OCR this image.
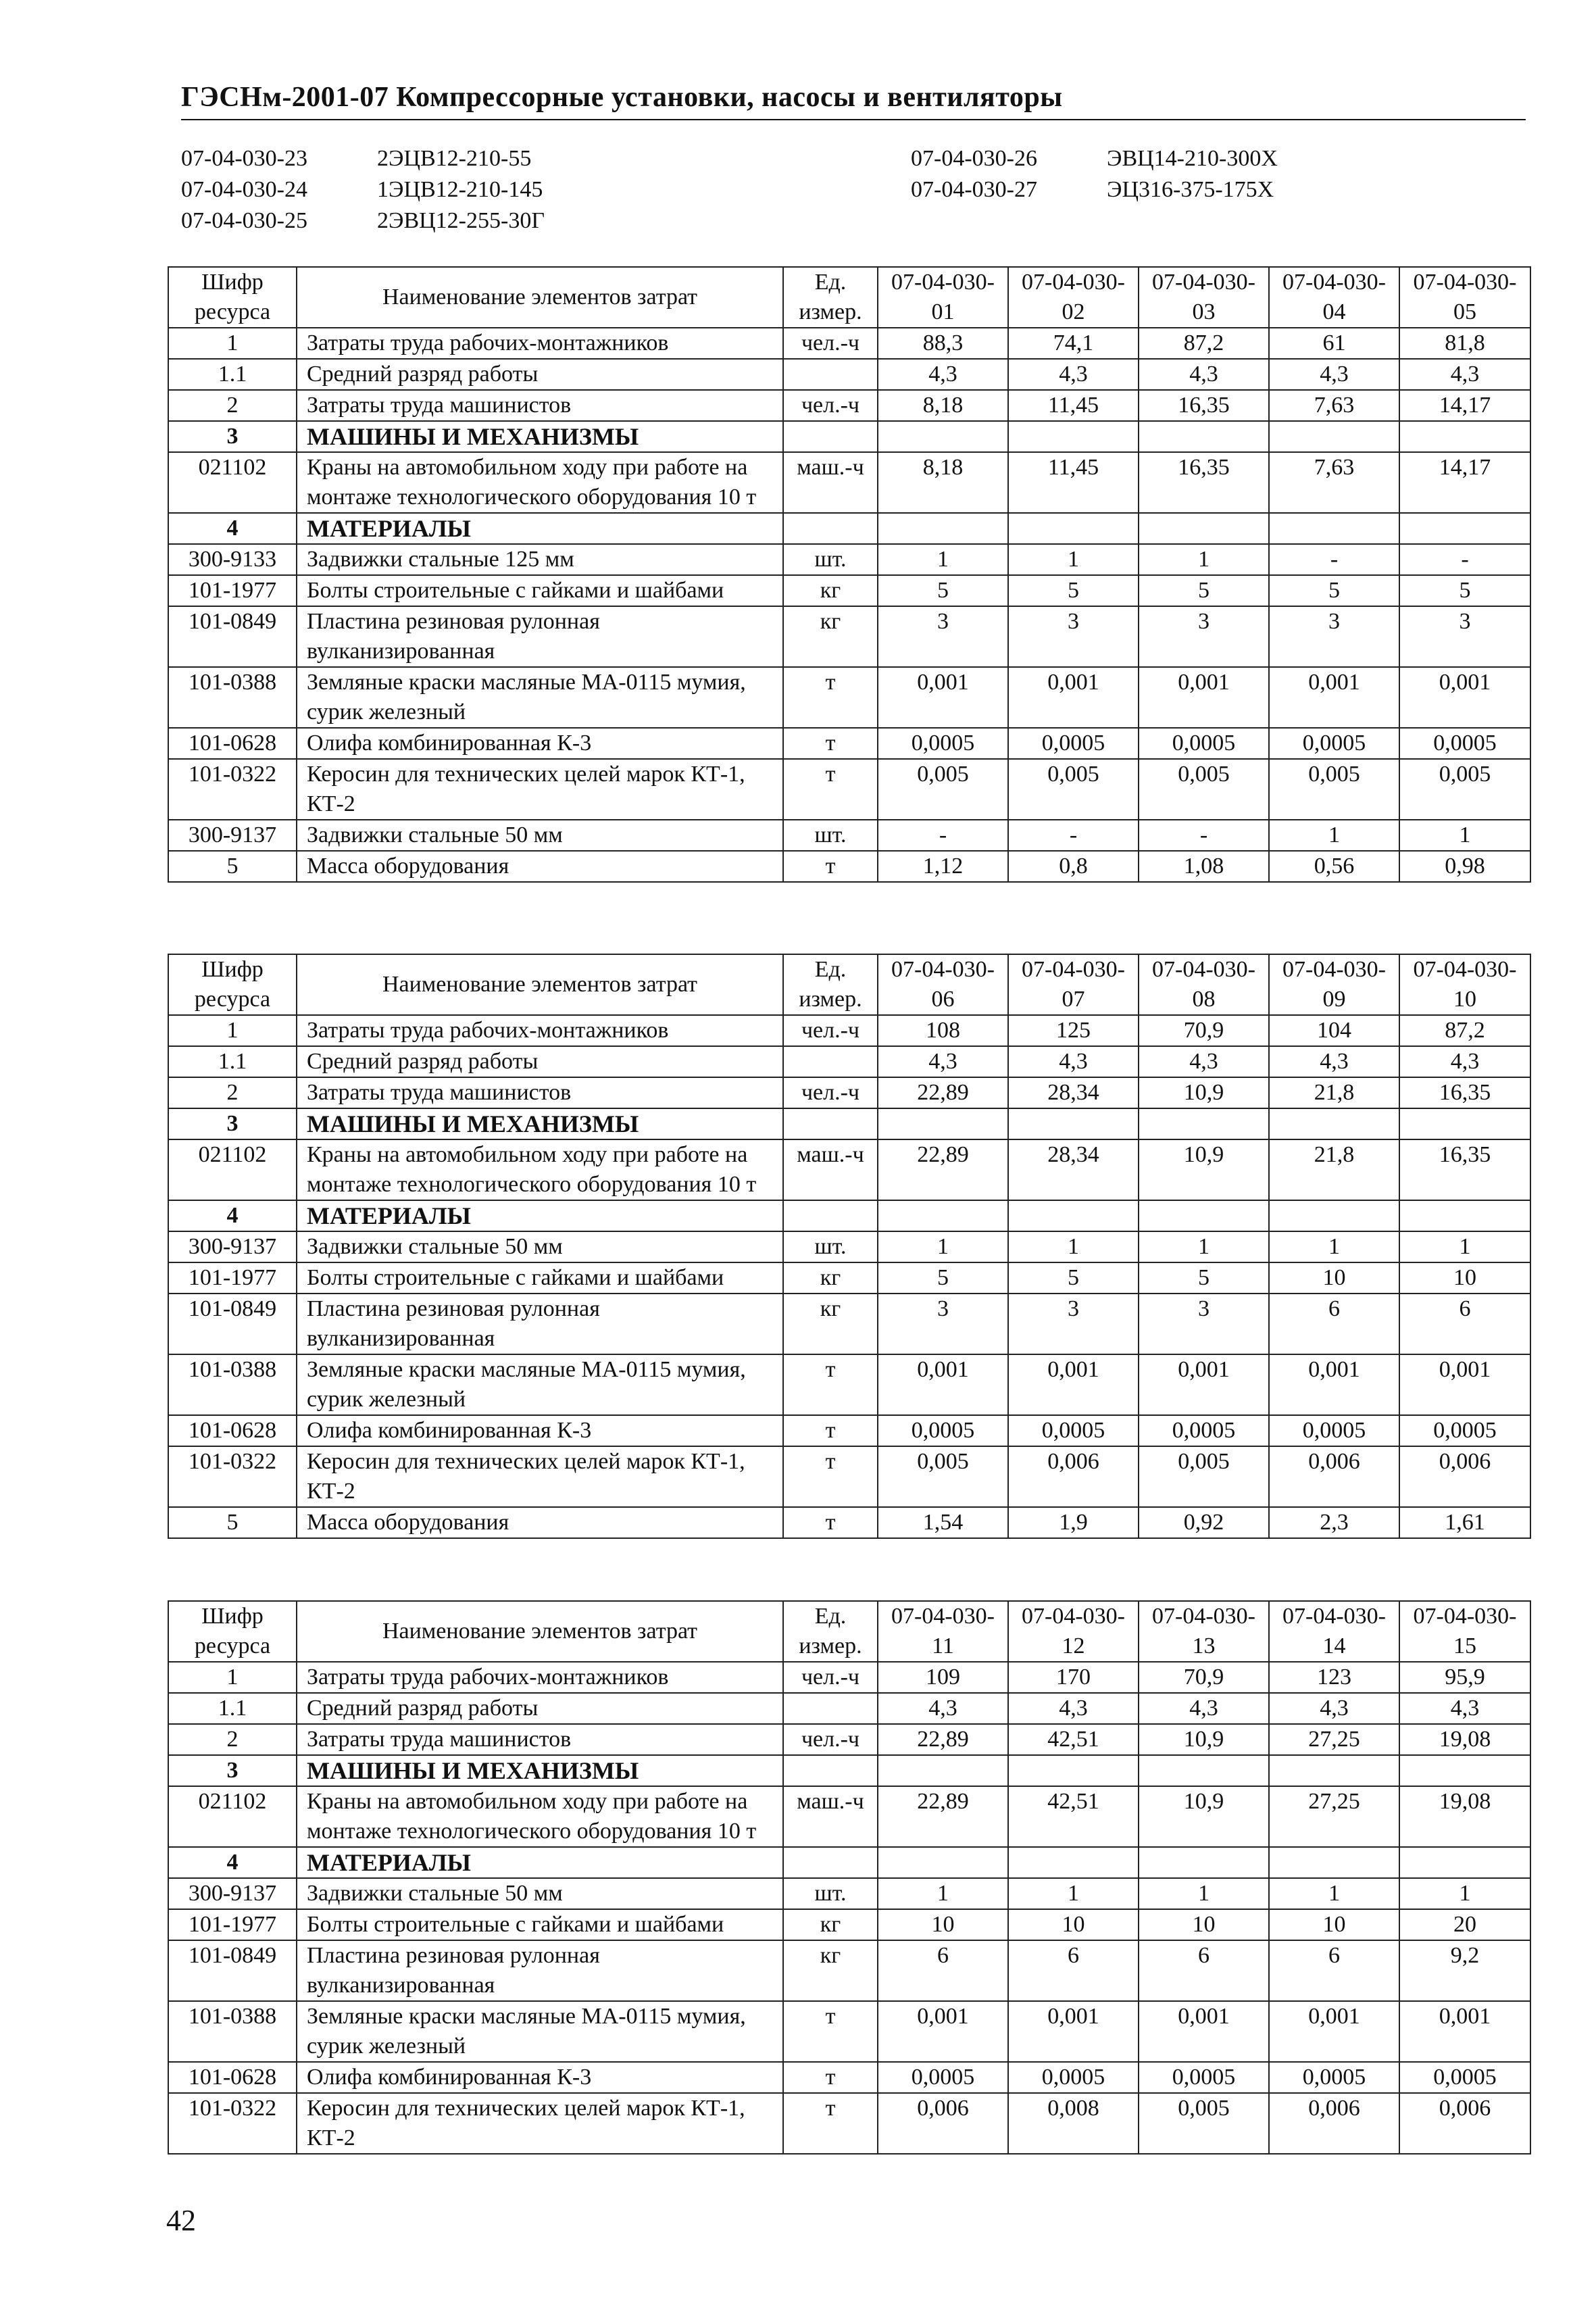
ГЭСНм-2001-07 Компрессорные установки, насосы и вентиляторы
07-04-030-23	2ЭЦВ12-210-55	07-04-030-26	ЭВЦ14-210-300Х
07-04-030-24	1ЭЦВ12-210-145	07-04-030-27	ЭЦ316-375-175Х
07-04-030-25	2ЭВЦ12-255-30Г
Шифр ресурса	Наименование элементов затрат	Ед. измер.	07-04-030-01	07-04-030-02	07-04-030-03	07-04-030-04	07-04-030-05
1	Затраты труда рабочих-монтажников	чел.-ч	88,3	74,1	87,2	61	81,8
1.1	Средний разряд работы		4,3	4,3	4,3	4,3	4,3
2	Затраты труда машинистов	чел.-ч	8,18	11,45	16,35	7,63	14,17
3	МАШИНЫ И МЕХАНИЗМЫ						
021102	Краны на автомобильном ходу при работе на монтаже технологического оборудования 10 т	маш.-ч	8,18	11,45	16,35	7,63	14,17
4	МАТЕРИАЛЫ						
300-9133	Задвижки стальные 125 мм	шт.	1	1	1	-	-
101-1977	Болты строительные с гайками и шайбами	кг	5	5	5	5	5
101-0849	Пластина резиновая рулонная вулканизированная	кг	3	3	3	3	3
101-0388	Земляные краски масляные МА-0115 мумия, сурик железный	т	0,001	0,001	0,001	0,001	0,001
101-0628	Олифа комбинированная К-3	т	0,0005	0,0005	0,0005	0,0005	0,0005
101-0322	Керосин для технических целей марок КТ-1, КТ-2	т	0,005	0,005	0,005	0,005	0,005
300-9137	Задвижки стальные 50 мм	шт.	-	-	-	1	1
5	Масса оборудования	т	1,12	0,8	1,08	0,56	0,98
Шифр ресурса	Наименование элементов затрат	Ед. измер.	07-04-030-06	07-04-030-07	07-04-030-08	07-04-030-09	07-04-030-10
1	Затраты труда рабочих-монтажников	чел.-ч	108	125	70,9	104	87,2
1.1	Средний разряд работы		4,3	4,3	4,3	4,3	4,3
2	Затраты труда машинистов	чел.-ч	22,89	28,34	10,9	21,8	16,35
3	МАШИНЫ И МЕХАНИЗМЫ						
021102	Краны на автомобильном ходу при работе на монтаже технологического оборудования 10 т	маш.-ч	22,89	28,34	10,9	21,8	16,35
4	МАТЕРИАЛЫ						
300-9137	Задвижки стальные 50 мм	шт.	1	1	1	1	1
101-1977	Болты строительные с гайками и шайбами	кг	5	5	5	10	10
101-0849	Пластина резиновая рулонная вулканизированная	кг	3	3	3	6	6
101-0388	Земляные краски масляные МА-0115 мумия, сурик железный	т	0,001	0,001	0,001	0,001	0,001
101-0628	Олифа комбинированная К-3	т	0,0005	0,0005	0,0005	0,0005	0,0005
101-0322	Керосин для технических целей марок КТ-1, КТ-2	т	0,005	0,006	0,005	0,006	0,006
5	Масса оборудования	т	1,54	1,9	0,92	2,3	1,61
Шифр ресурса	Наименование элементов затрат	Ед. измер.	07-04-030-11	07-04-030-12	07-04-030-13	07-04-030-14	07-04-030-15
1	Затраты труда рабочих-монтажников	чел.-ч	109	170	70,9	123	95,9
1.1	Средний разряд работы		4,3	4,3	4,3	4,3	4,3
2	Затраты труда машинистов	чел.-ч	22,89	42,51	10,9	27,25	19,08
3	МАШИНЫ И МЕХАНИЗМЫ						
021102	Краны на автомобильном ходу при работе на монтаже технологического оборудования 10 т	маш.-ч	22,89	42,51	10,9	27,25	19,08
4	МАТЕРИАЛЫ						
300-9137	Задвижки стальные 50 мм	шт.	1	1	1	1	1
101-1977	Болты строительные с гайками и шайбами	кг	10	10	10	10	20
101-0849	Пластина резиновая рулонная вулканизированная	кг	6	6	6	6	9,2
101-0388	Земляные краски масляные МА-0115 мумия, сурик железный	т	0,001	0,001	0,001	0,001	0,001
101-0628	Олифа комбинированная К-3	т	0,0005	0,0005	0,0005	0,0005	0,0005
101-0322	Керосин для технических целей марок КТ-1, КТ-2	т	0,006	0,008	0,005	0,006	0,006
42
